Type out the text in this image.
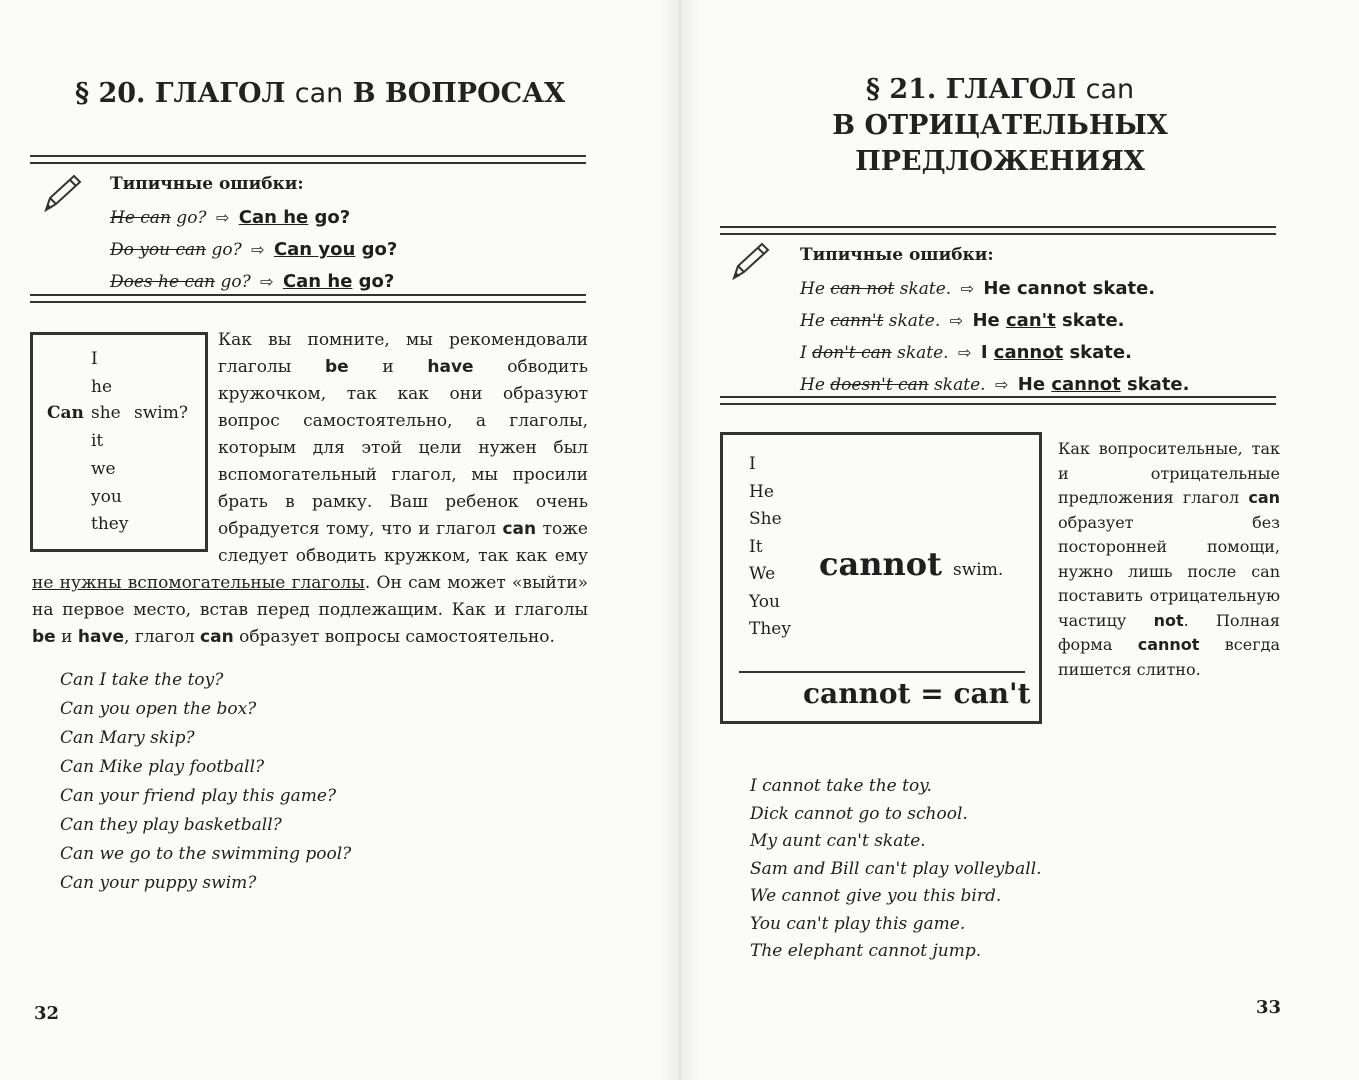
§ 20. ГЛАГОЛ can В ВОПРОСАХ
Типичные ошибки:
He can go? ⇨ Can he go?
Do you can go? ⇨ Can you go?
Does he can go? ⇨ Can he go?
I
he
Can she swim?
it
we
you
they
Как вы помните, мы рекомендовали глаголы be и have обводить кружочком, так как они образуют вопрос самостоятельно, а глаголы, которым для этой цели нужен был вспомогательный глагол, мы просили брать в рамку. Ваш ребенок очень обрадуется тому, что и глагол can тоже следует обводить кружком, так как ему не нужны вспомогательные глаголы. Он сам может «выйти» на первое место, встав перед подлежащим. Как и глаголы be и have, глагол can образует вопросы самостоятельно.
Can I take the toy?
Can you open the box?
Can Mary skip?
Can Mike play football?
Can your friend play this game?
Can they play basketball?
Can we go to the swimming pool?
Can your puppy swim?
32
§ 21. ГЛАГОЛ can
В ОТРИЦАТЕЛЬНЫХ
ПРЕДЛОЖЕНИЯХ
Типичные ошибки:
He can not skate. ⇨ He cannot skate.
He cann't skate. ⇨ He can't skate.
I don't can skate. ⇨ I cannot skate.
He doesn't can skate. ⇨ He cannot skate.
I
He
She
It
We
You
They
cannot swim.
cannot = can't
Как вопросительные, так и отрицательные предложения глагол can образует без посторонней помощи, нужно лишь после can поставить отрицательную частицу not. Полная форма cannot всегда пишется слитно.
I cannot take the toy.
Dick cannot go to school.
My aunt can't skate.
Sam and Bill can't play volleyball.
We cannot give you this bird.
You can't play this game.
The elephant cannot jump.
33
